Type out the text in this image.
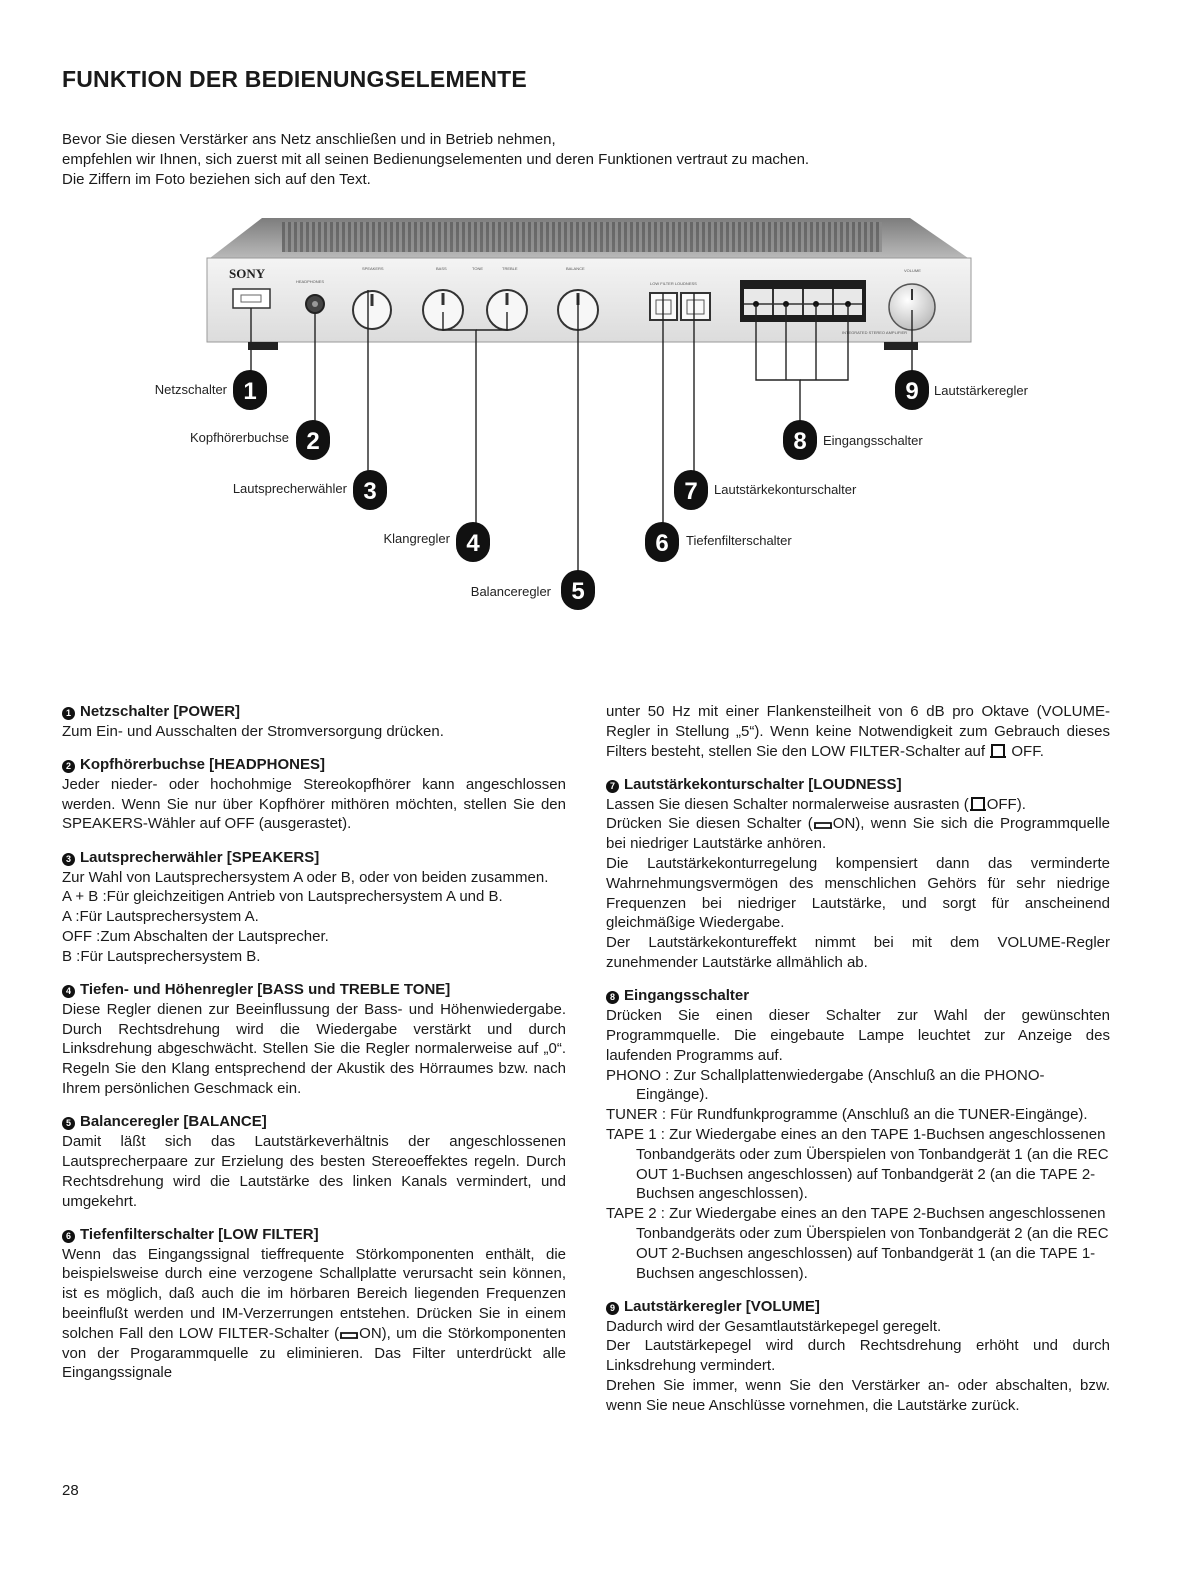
FUNKTION DER BEDIENUNGSELEMENTE
Bevor Sie diesen Verstärker ans Netz anschließen und in Betrieb nehmen,
empfehlen wir Ihnen, sich zuerst mit all seinen Bedienungselementen und deren Funktionen vertraut zu machen.
Die Ziffern im Foto beziehen sich auf den Text.
SONY
HEADPHONES
SPEAKERS	BASS	TONE	TREBLE	BALANCE
LOW FILTER LOUDNESS
VOLUME
INTEGRATED STEREO AMPLIFIER
1
Netzschalter
2
Kopfhörerbuchse
3
Lautsprecherwähler
4
Klangregler
5
Balanceregler
6 Tiefenfilterschalter
7 Lautstärkekonturschalter
8 Eingangsschalter
9 Lautstärkeregler
1 Netzschalter [POWER]

Zum Ein- und Ausschalten der Stromversorgung drücken.

2 Kopfhörerbuchse [HEADPHONES]

Jeder nieder- oder hochohmige Stereokopfhörer kann angeschlossen werden. Wenn Sie nur über Kopfhörer mithören möchten, stellen Sie den SPEAKERS-Wähler auf OFF (ausgerastet).

3 Lautsprecherwähler [SPEAKERS]

Zur Wahl von Lautsprechersystem A oder B, oder von beiden zusammen.

A + B : Für gleichzeitigen Antrieb von Lautsprechersystem A und B.
A : Für Lautsprechersystem A.
OFF : Zum Abschalten der Lautsprecher.
B : Für Lautsprechersystem B.
4 Tiefen- und Höhenregler [BASS und TREBLE TONE]

Diese Regler dienen zur Beeinflussung der Bass- und Höhenwiedergabe. Durch Rechtsdrehung wird die Wiedergabe verstärkt und durch Linksdrehung abgeschwächt. Stellen Sie die Regler normalerweise auf „0“. Regeln Sie den Klang entsprechend der Akustik des Hörraumes bzw. nach Ihrem persönlichen Geschmack ein.

5 Balanceregler [BALANCE]

Damit läßt sich das Lautstärkeverhältnis der angeschlossenen Lautsprecherpaare zur Erzielung des besten Stereoeffektes regeln. Durch Rechtsdrehung wird die Lautstärke des linken Kanals vermindert, und umgekehrt.

6 Tiefenfilterschalter [LOW FILTER]

Wenn das Eingangssignal tieffrequente Störkomponenten enthält, die beispielsweise durch eine verzogene Schallplatte verursacht sein können, ist es möglich, daß auch die im hörbaren Bereich liegenden Frequenzen beeinflußt werden und IM-Verzerrungen entstehen. Drücken Sie in einem solchen Fall den LOW FILTER-Schalter ( ON), um die Störkomponenten von der Progarammquelle zu eliminieren. Das Filter unterdrückt alle Eingangssignale

unter 50 Hz mit einer Flankensteilheit von 6 dB pro Oktave (VOLUME-Regler in Stellung „5“). Wenn keine Notwendigkeit zum Gebrauch dieses Filters besteht, stellen Sie den LOW FILTER-Schalter auf  OFF.

7 Lautstärkekonturschalter [LOUDNESS]

Lassen Sie diesen Schalter normalerweise ausrasten ( OFF).

Drücken Sie diesen Schalter ( ON), wenn Sie sich die Programmquelle bei niedriger Lautstärke anhören.

Die Lautstärkekonturregelung kompensiert dann das verminderte Wahrnehmungsvermögen des menschlichen Gehörs für sehr niedrige Frequenzen bei niedriger Lautstärke, und sorgt für anscheinend gleichmäßige Wiedergabe.

Der Lautstärkekontureffekt nimmt bei mit dem VOLUME-Regler zunehmender Lautstärke allmählich ab.

8 Eingangsschalter

Drücken Sie einen dieser Schalter zur Wahl der gewünschten Programmquelle. Die eingebaute Lampe leuchtet zur Anzeige des laufenden Programms auf.

PHONO : Zur Schallplattenwiedergabe (Anschluß an die PHONO-Eingänge).
TUNER : Für Rundfunkprogramme (Anschluß an die TUNER-Eingänge).
TAPE 1 : Zur Wiedergabe eines an den TAPE 1-Buchsen angeschlossenen Tonbandgeräts oder zum Überspielen von Tonbandgerät 1 (an die REC OUT 1-Buchsen angeschlossen) auf Tonbandgerät 2 (an die TAPE 2-Buchsen angeschlossen).
TAPE 2 : Zur Wiedergabe eines an den TAPE 2-Buchsen angeschlossenen Tonbandgeräts oder zum Überspielen von Tonbandgerät 2 (an die REC OUT 2-Buchsen angeschlossen) auf Tonbandgerät 1 (an die TAPE 1-Buchsen angeschlossen).
9 Lautstärkeregler [VOLUME]

Dadurch wird der Gesamtlautstärkepegel geregelt.

Der Lautstärkepegel wird durch Rechtsdrehung erhöht und durch Linksdrehung vermindert.

Drehen Sie immer, wenn Sie den Verstärker an- oder abschalten, bzw. wenn Sie neue Anschlüsse vornehmen, die Lautstärke zurück.

28
